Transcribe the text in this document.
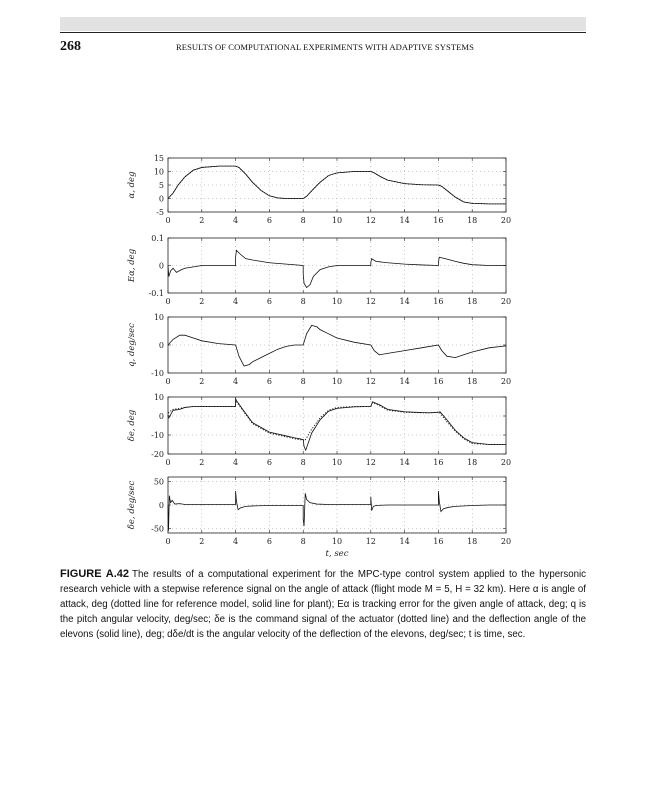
268	RESULTS OF COMPUTATIONAL EXPERIMENTS WITH ADAPTIVE SYSTEMS
0	2	4	6	8	10	12	14	16	18	20
15
10
5
0
-5
α, deg
0	2	4	6	8	10	12	14	16	18	20
0.1
0
-0.1
Eα, deg
0	2	4	6	8	10	12	14	16	18	20
10
0
-10
q, deg/sec
0	2	4	6	8	10	12	14	16	18	20
10
0
-10
-20
δe, deg
0	2	4	6	8	10	12	14	16	18	20
50
0
-50
δ̇e, deg/sec
t, sec
FIGURE A.42 The results of a computational experiment for the MPC-type control system applied to the hypersonic research vehicle with a stepwise reference signal on the angle of attack (flight mode M = 5, H = 32 km). Here α is angle of attack, deg (dotted line for reference model, solid line for plant); Eα is tracking error for the given angle of attack, deg; q is the pitch angular velocity, deg/sec; δe is the command signal of the actuator (dotted line) and the deflection angle of the elevons (solid line), deg; dδe/dt is the angular velocity of the deflection of the elevons, deg/sec; t is time, sec.
